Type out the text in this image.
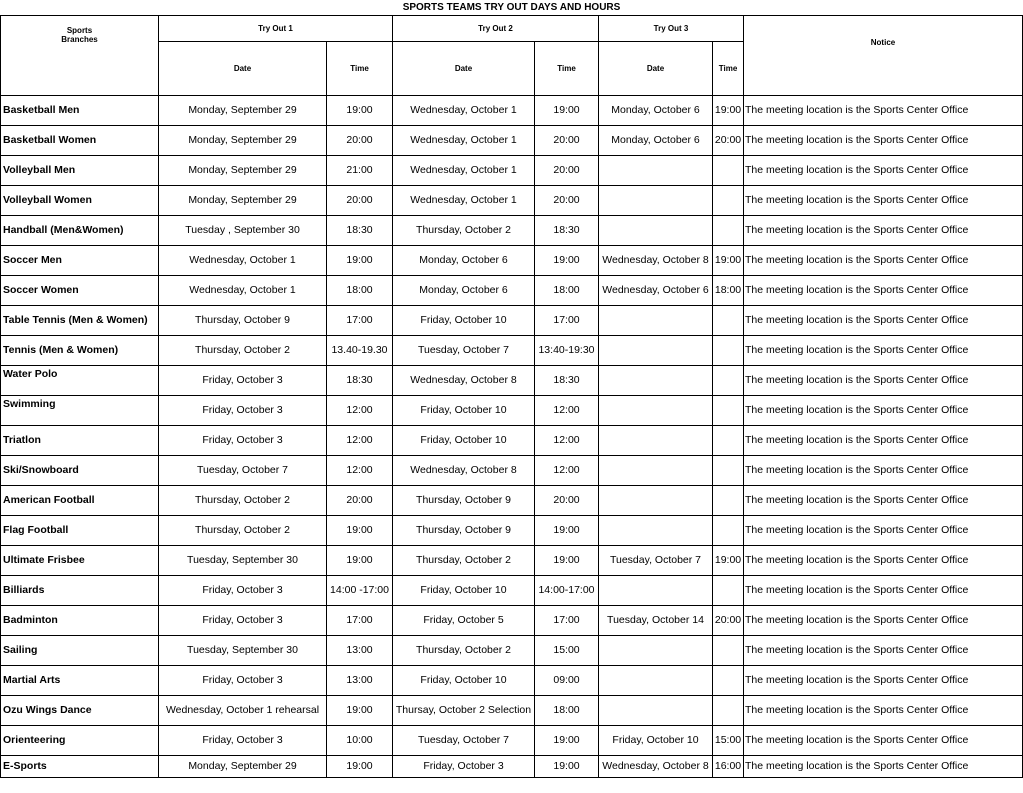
SPORTS TEAMS TRY OUT DAYS AND HOURS							
Sports
Branches	Try Out 1		Try Out 2		Try Out 3		Notice
	Date	Time	Date	Time	Date	Time	
Basketball Men	Monday, September 29	19:00	Wednesday, October 1	19:00	Monday, October 6	19:00	The meeting location is the Sports Center Office
Basketball Women	Monday, September 29	20:00	Wednesday, October 1	20:00	Monday, October 6	20:00	The meeting location is the Sports Center Office
Volleyball Men	Monday, September 29	21:00	Wednesday, October 1	20:00			The meeting location is the Sports Center Office
Volleyball Women	Monday, September 29	20:00	Wednesday, October 1	20:00			The meeting location is the Sports Center Office
Handball (Men&Women)	Tuesday , September 30	18:30	Thursday, October 2	18:30			The meeting location is the Sports Center Office
Soccer Men	Wednesday, October 1	19:00	Monday, October 6	19:00	Wednesday, October 8	19:00	The meeting location is the Sports Center Office
Soccer Women	Wednesday, October 1	18:00	Monday, October 6	18:00	Wednesday, October 6	18:00	The meeting location is the Sports Center Office
Table Tennis (Men & Women)	Thursday, October 9	17:00	Friday, October 10	17:00			The meeting location is the Sports Center Office
Tennis (Men & Women)	Thursday, October 2	13.40-19.30	Tuesday, October 7	13:40-19:30			The meeting location is the Sports Center Office
Water Polo	Friday, October 3	18:30	Wednesday, October 8	18:30			The meeting location is the Sports Center Office
Swimming	Friday, October 3	12:00	Friday, October 10	12:00			The meeting location is the Sports Center Office
Triatlon	Friday, October 3	12:00	Friday, October 10	12:00			The meeting location is the Sports Center Office
Ski/Snowboard	Tuesday, October 7	12:00	Wednesday, October 8	12:00			The meeting location is the Sports Center Office
American Football	Thursday, October 2	20:00	Thursday, October 9	20:00			The meeting location is the Sports Center Office
Flag Football	Thursday, October 2	19:00	Thursday, October 9	19:00			The meeting location is the Sports Center Office
Ultimate Frisbee	Tuesday, September 30	19:00	Thursday, October 2	19:00	Tuesday, October 7	19:00	The meeting location is the Sports Center Office
Billiards	Friday, October 3	14:00 -17:00	Friday, October 10	14:00-17:00			The meeting location is the Sports Center Office
Badminton	Friday, October 3	17:00	Friday, October 5	17:00	Tuesday, October 14	20:00	The meeting location is the Sports Center Office
Sailing	Tuesday, September 30	13:00	Thursday, October 2	15:00			The meeting location is the Sports Center Office
Martial Arts	Friday, October 3	13:00	Friday, October 10	09:00			The meeting location is the Sports Center Office
Ozu Wings Dance	Wednesday, October 1 rehearsal	19:00	Thursay, October 2 Selection	18:00			The meeting location is the Sports Center Office
Orienteering	Friday, October 3	10:00	Tuesday, October 7	19:00	Friday, October 10	15:00	The meeting location is the Sports Center Office
E-Sports	Monday, September 29	19:00	Friday, October 3	19:00	Wednesday, October 8	16:00	The meeting location is the Sports Center Office
